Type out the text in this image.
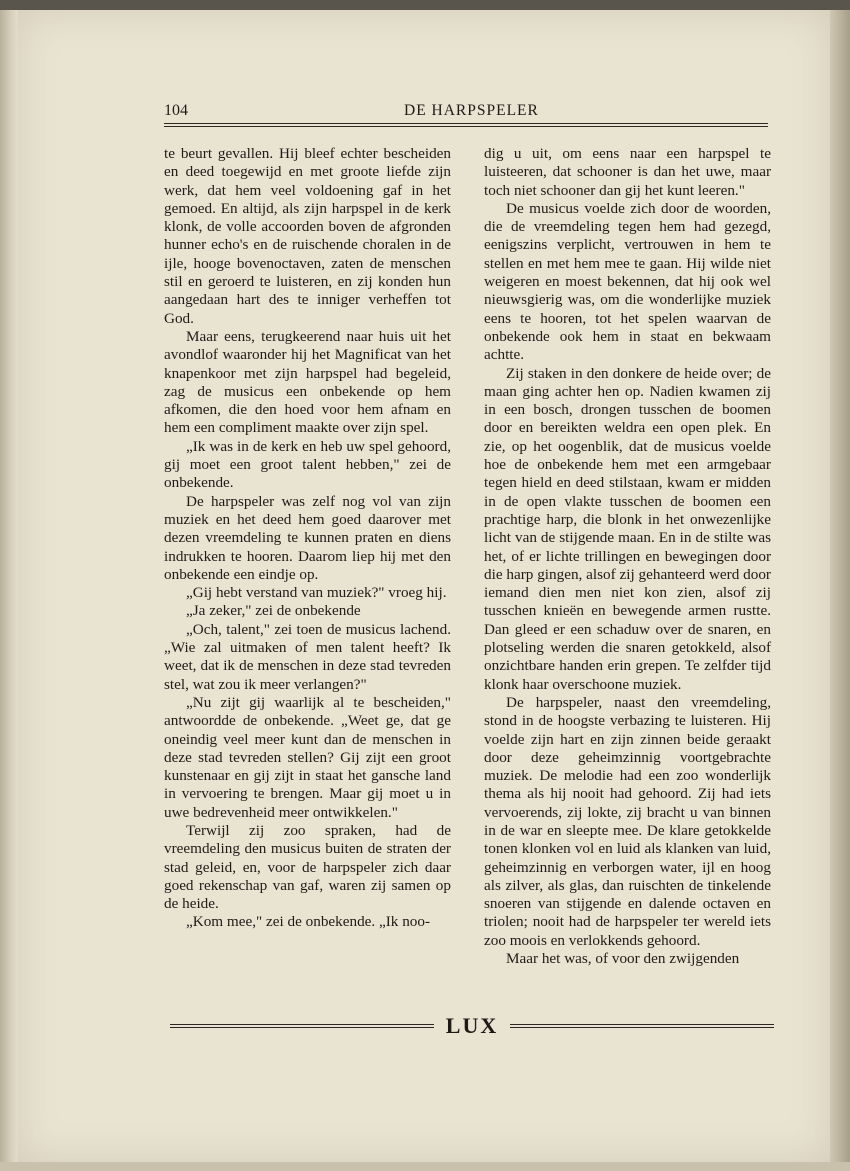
104	DE HARPSPELER

te beurt gevallen. Hij bleef echter bescheiden en deed toegewijd en met groote liefde zijn werk, dat hem veel voldoening gaf in het gemoed. En altijd, als zijn harpspel in de kerk klonk, de volle accoorden boven de afgronden hunner echo's en de ruischende choralen in de ijle, hooge bovenoctaven, zaten de menschen stil en geroerd te luisteren, en zij konden hun aangedaan hart des te inniger verheffen tot God.

Maar eens, terugkeerend naar huis uit het avondlof waaronder hij het Magnificat van het knapenkoor met zijn harpspel had begeleid, zag de musicus een onbekende op hem afkomen, die den hoed voor hem afnam en hem een compliment maakte over zijn spel.

„Ik was in de kerk en heb uw spel gehoord, gij moet een groot talent hebben," zei de onbekende.

De harpspeler was zelf nog vol van zijn muziek en het deed hem goed daarover met dezen vreemdeling te kunnen praten en diens indrukken te hooren. Daarom liep hij met den onbekende een eindje op.

„Gij hebt verstand van muziek?" vroeg hij.

„Ja zeker," zei de onbekende

„Och, talent," zei toen de musicus lachend. „Wie zal uitmaken of men talent heeft? Ik weet, dat ik de menschen in deze stad tevreden stel, wat zou ik meer verlangen?"

„Nu zijt gij waarlijk al te bescheiden," antwoordde de onbekende. „Weet ge, dat ge oneindig veel meer kunt dan de menschen in deze stad tevreden stellen? Gij zijt een groot kunstenaar en gij zijt in staat het gansche land in vervoering te brengen. Maar gij moet u in uwe bedrevenheid meer ontwikkelen."

Terwijl zij zoo spraken, had de vreemdeling den musicus buiten de straten der stad geleid, en, voor de harpspeler zich daar goed rekenschap van gaf, waren zij samen op de heide.

„Kom mee," zei de onbekende. „Ik noo-

dig u uit, om eens naar een harpspel te luisteeren, dat schooner is dan het uwe, maar toch niet schooner dan gij het kunt leeren."

De musicus voelde zich door de woorden, die de vreemdeling tegen hem had gezegd, eenigszins verplicht, vertrouwen in hem te stellen en met hem mee te gaan. Hij wilde niet weigeren en moest bekennen, dat hij ook wel nieuwsgierig was, om die wonderlijke muziek eens te hooren, tot het spelen waarvan de onbekende ook hem in staat en bekwaam achtte.

Zij staken in den donkere de heide over; de maan ging achter hen op. Nadien kwamen zij in een bosch, drongen tusschen de boomen door en bereikten weldra een open plek. En zie, op het oogenblik, dat de musicus voelde hoe de onbekende hem met een armgebaar tegen hield en deed stilstaan, kwam er midden in de open vlakte tusschen de boomen een prachtige harp, die blonk in het onwezenlijke licht van de stijgende maan. En in de stilte was het, of er lichte trillingen en bewegingen door die harp gingen, alsof zij gehanteerd werd door iemand dien men niet kon zien, alsof zij tusschen knieën en bewegende armen rustte. Dan gleed er een schaduw over de snaren, en plotseling werden die snaren getokkeld, alsof onzichtbare handen erin grepen. Te zelfder tijd klonk haar overschoone muziek.

De harpspeler, naast den vreemdeling, stond in de hoogste verbazing te luisteren. Hij voelde zijn hart en zijn zinnen beide geraakt door deze geheimzinnig voortgebrachte muziek. De melodie had een zoo wonderlijk thema als hij nooit had gehoord. Zij had iets vervoerends, zij lokte, zij bracht u van binnen in de war en sleepte mee. De klare getokkelde tonen klonken vol en luid als klanken van luid, geheimzinnig en verborgen water, ijl en hoog als zilver, als glas, dan ruischten de tinkelende snoeren van stijgende en dalende octaven en triolen; nooit had de harpspeler ter wereld iets zoo moois en verlokkends gehoord.

Maar het was, of voor den zwijgenden

LUX
